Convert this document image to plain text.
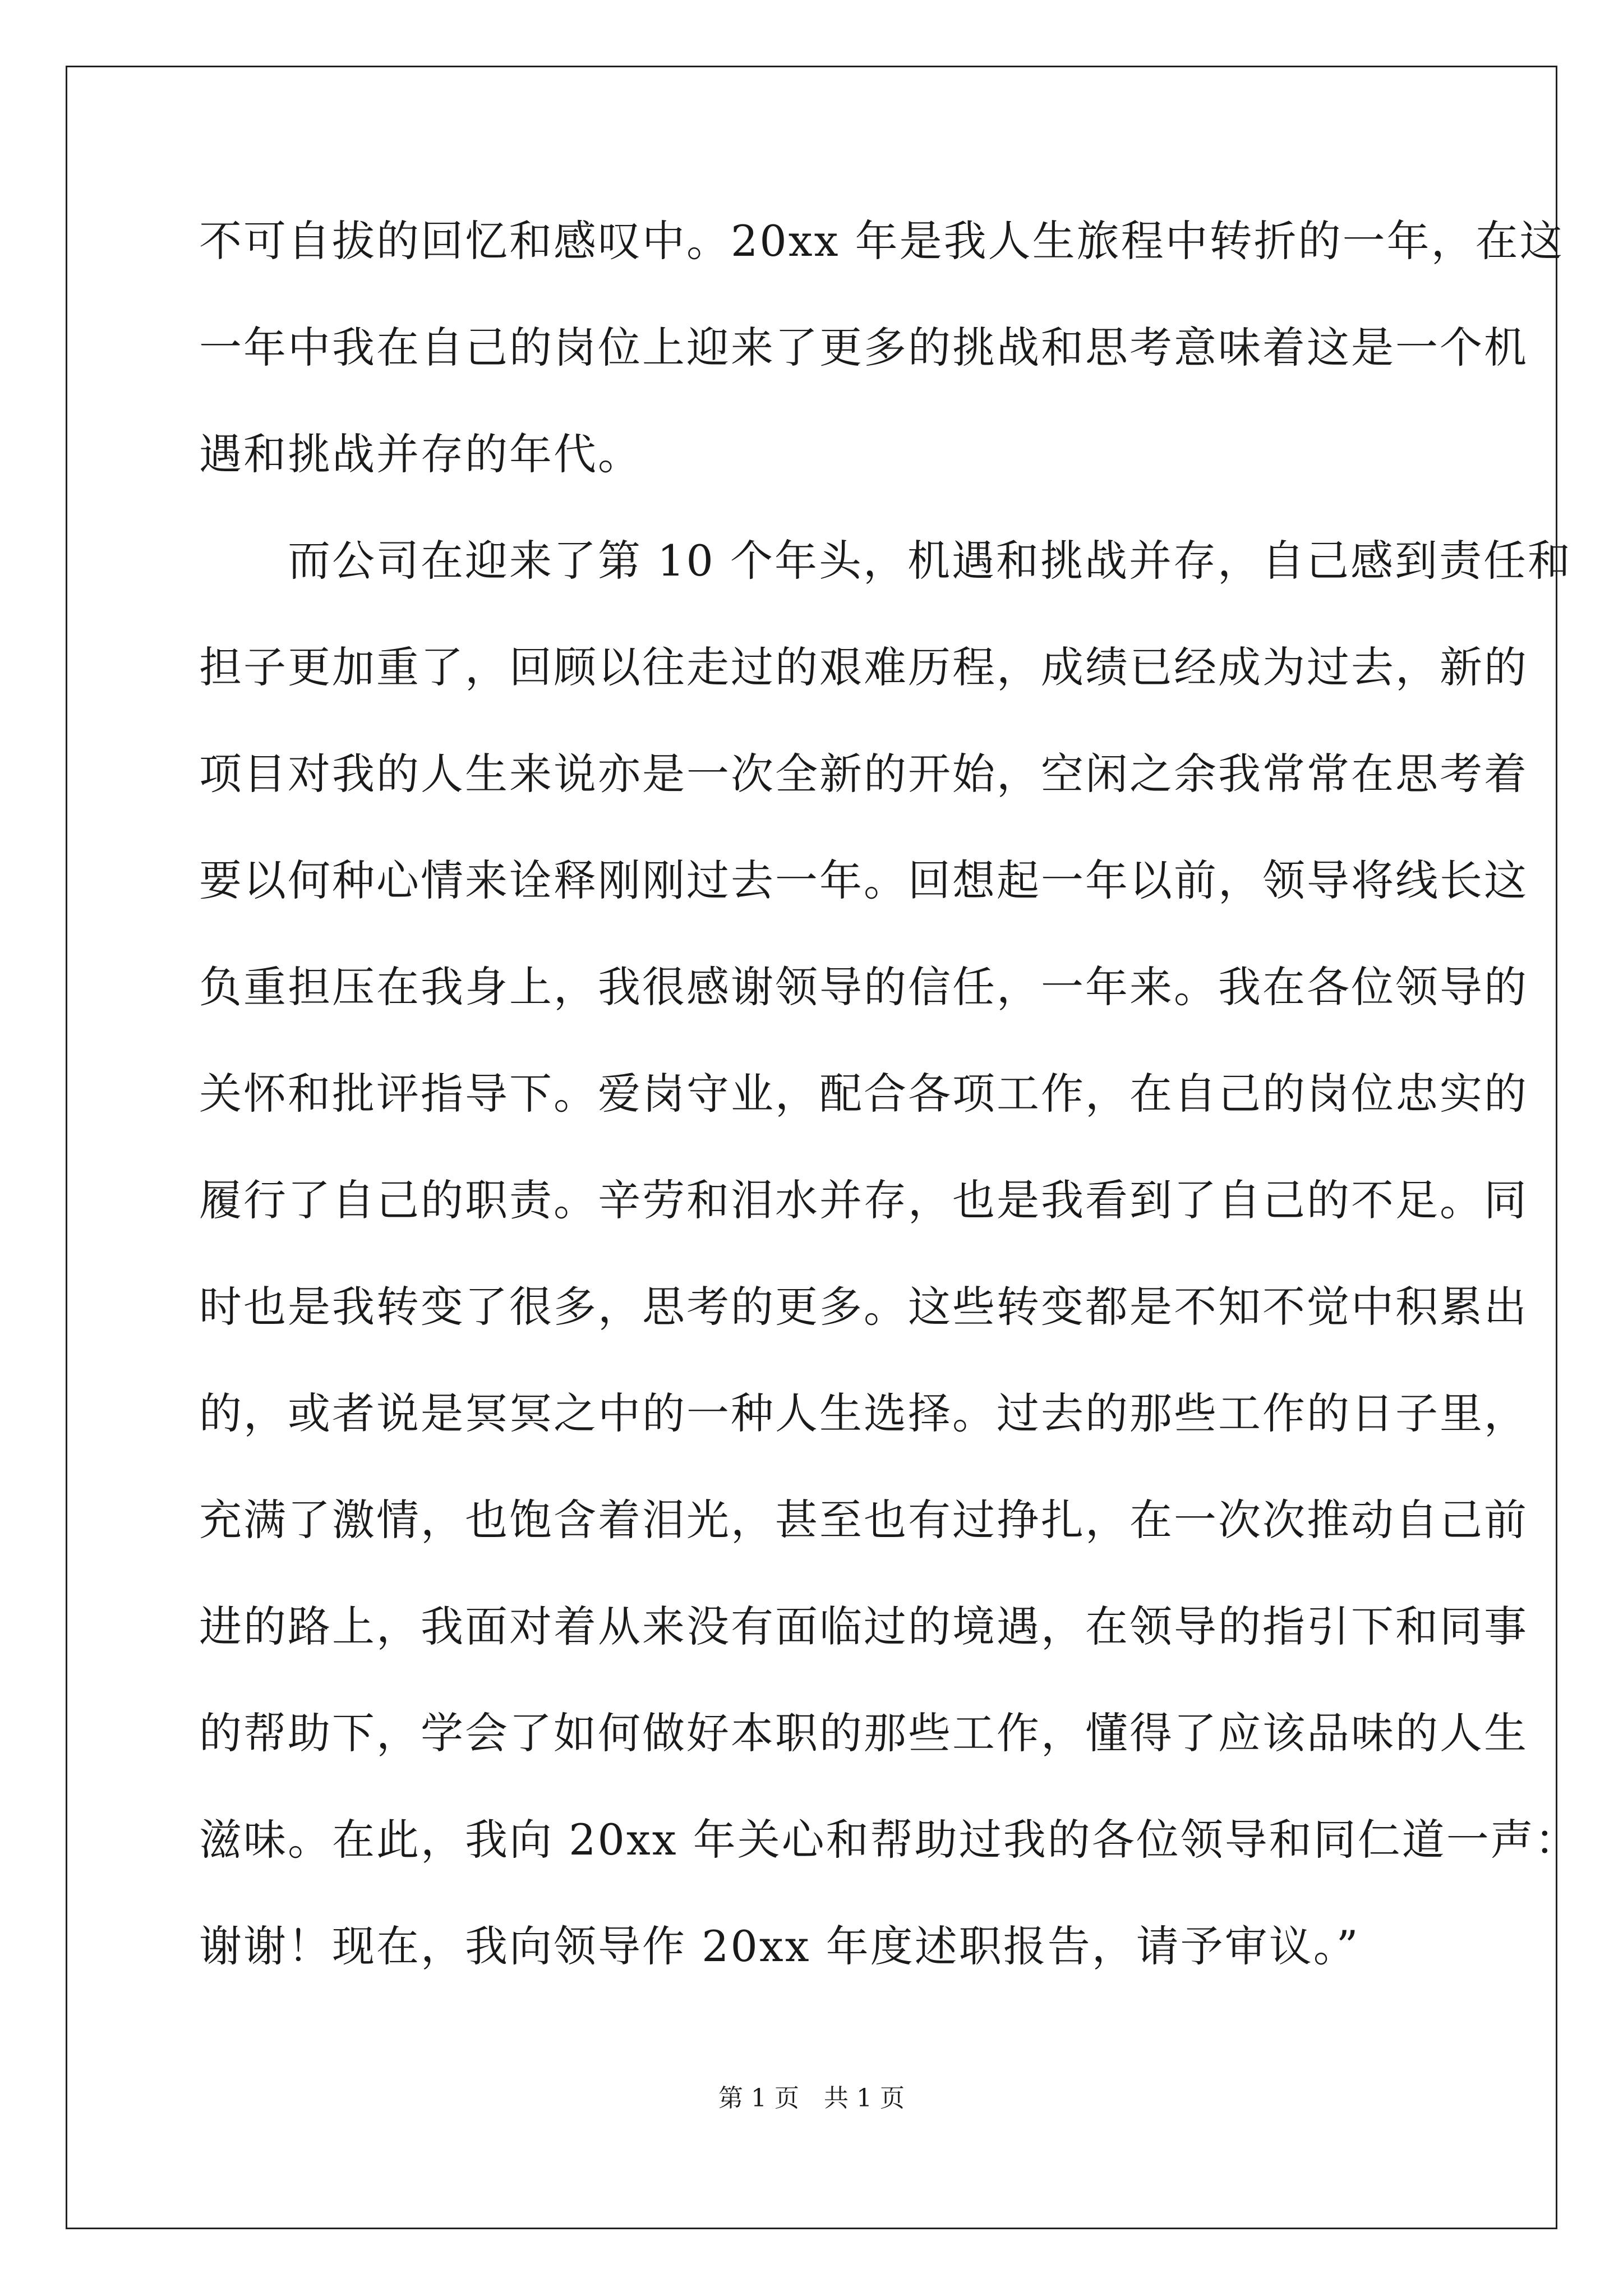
不可自拔的回忆和感叹中。20xx 年是我人生旅程中转折的一年，在这
一年中我在自己的岗位上迎来了更多的挑战和思考意味着这是一个机
遇和挑战并存的年代。
　　而公司在迎来了第 10 个年头，机遇和挑战并存，自己感到责任和
担子更加重了，回顾以往走过的艰难历程，成绩已经成为过去，新的
项目对我的人生来说亦是一次全新的开始，空闲之余我常常在思考着
要以何种心情来诠释刚刚过去一年。回想起一年以前，领导将线长这
负重担压在我身上，我很感谢领导的信任，一年来。我在各位领导的
关怀和批评指导下。爱岗守业，配合各项工作，在自己的岗位忠实的
履行了自己的职责。辛劳和泪水并存，也是我看到了自己的不足。同
时也是我转变了很多，思考的更多。这些转变都是不知不觉中积累出
的，或者说是冥冥之中的一种人生选择。过去的那些工作的日子里，
充满了激情，也饱含着泪光，甚至也有过挣扎，在一次次推动自己前
进的路上，我面对着从来没有面临过的境遇，在领导的指引下和同事
的帮助下，学会了如何做好本职的那些工作，懂得了应该品味的人生
滋味。在此，我向 20xx 年关心和帮助过我的各位领导和同仁道一声：
谢谢！现在，我向领导作 20xx 年度述职报告，请予审议。”
第 1 页　共 1 页
